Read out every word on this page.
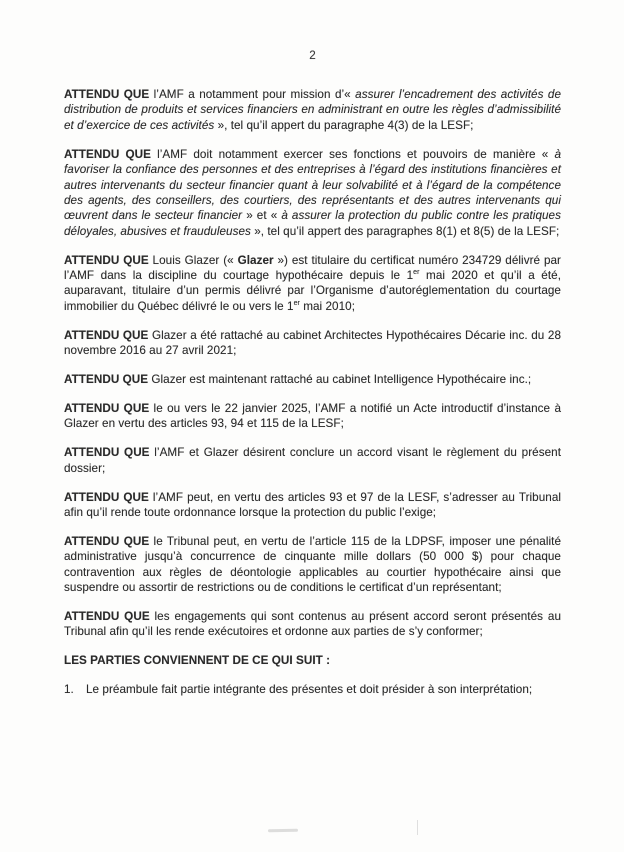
2

ATTENDU QUE l’AMF a notamment pour mission d’« assurer l’encadrement des activités de distribution de produits et services financiers en administrant en outre les règles d’admissibilité et d’exercice de ces activités », tel qu’il appert du paragraphe 4(3) de la LESF;

ATTENDU QUE l’AMF doit notamment exercer ses fonctions et pouvoirs de manière « à favoriser la confiance des personnes et des entreprises à l’égard des institutions financières et autres intervenants du secteur financier quant à leur solvabilité et à l’égard de la compétence des agents, des conseillers, des courtiers, des représentants et des autres intervenants qui œuvrent dans le secteur financier » et « à assurer la protection du public contre les pratiques déloyales, abusives et frauduleuses », tel qu’il appert des paragraphes 8(1) et 8(5) de la LESF;

ATTENDU QUE Louis Glazer (« Glazer ») est titulaire du certificat numéro 234729 délivré par l’AMF dans la discipline du courtage hypothécaire depuis le 1er mai 2020 et qu’il a été, auparavant, titulaire d’un permis délivré par l’Organisme d’autoréglementation du courtage immobilier du Québec délivré le ou vers le 1er mai 2010;

ATTENDU QUE Glazer a été rattaché au cabinet Architectes Hypothécaires Décarie inc. du 28 novembre 2016 au 27 avril 2021;

ATTENDU QUE Glazer est maintenant rattaché au cabinet Intelligence Hypothécaire inc.;

ATTENDU QUE le ou vers le 22 janvier 2025, l’AMF a notifié un Acte introductif d’instance à Glazer en vertu des articles 93, 94 et 115 de la LESF;

ATTENDU QUE l’AMF et Glazer désirent conclure un accord visant le règlement du présent dossier;

ATTENDU QUE l’AMF peut, en vertu des articles 93 et 97 de la LESF, s’adresser au Tribunal afin qu’il rende toute ordonnance lorsque la protection du public l’exige;

ATTENDU QUE le Tribunal peut, en vertu de l’article 115 de la LDPSF, imposer une pénalité administrative jusqu’à concurrence de cinquante mille dollars (50 000 $) pour chaque contravention aux règles de déontologie applicables au courtier hypothécaire ainsi que suspendre ou assortir de restrictions ou de conditions le certificat d’un représentant;

ATTENDU QUE les engagements qui sont contenus au présent accord seront présentés au Tribunal afin qu’il les rende exécutoires et ordonne aux parties de s’y conformer;

LES PARTIES CONVIENNENT DE CE QUI SUIT :

1.	Le préambule fait partie intégrante des présentes et doit présider à son interprétation;
